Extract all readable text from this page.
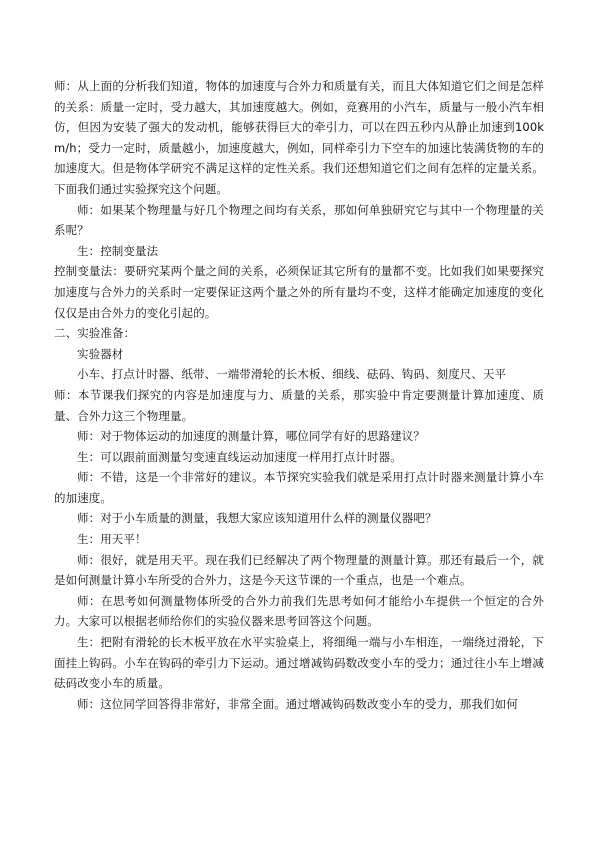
师：从上面的分析我们知道，物体的加速度与合外力和质量有关，而且大体知道它们之间是怎样的关系：质量一定时，受力越大，其加速度越大。例如，竞赛用的小汽车，质量与一般小汽车相仿，但因为安装了强大的发动机，能够获得巨大的牵引力，可以在四五秒内从静止加速到100km/h；受力一定时，质量越小，加速度越大，例如，同样牵引力下空车的加速比装满货物的车的加速度大。但是物体学研究不满足这样的定性关系。我们还想知道它们之间有怎样的定量关系。下面我们通过实验探究这个问题。

师：如果某个物理量与好几个物理之间均有关系，那如何单独研究它与其中一个物理量的关系呢？

生：控制变量法

控制变量法：要研究某两个量之间的关系，必须保证其它所有的量都不变。比如我们如果要探究加速度与合外力的关系时一定要保证这两个量之外的所有量均不变，这样才能确定加速度的变化仅仅是由合外力的变化引起的。

二、实验准备：

实验器材

小车、打点计时器、纸带、一端带滑轮的长木板、细线、砝码、钩码、刻度尺、天平

师：本节课我们探究的内容是加速度与力、质量的关系，那实验中肯定要测量计算加速度、质量、合外力这三个物理量。

师：对于物体运动的加速度的测量计算，哪位同学有好的思路建议？

生：可以跟前面测量匀变速直线运动加速度一样用打点计时器。

师：不错，这是一个非常好的建议。本节探究实验我们就是采用打点计时器来测量计算小车的加速度。

师：对于小车质量的测量，我想大家应该知道用什么样的测量仪器吧？

生：用天平！

师：很好，就是用天平。现在我们已经解决了两个物理量的测量计算。那还有最后一个，就是如何测量计算小车所受的合外力，这是今天这节课的一个重点，也是一个难点。

师：在思考如何测量物体所受的合外力前我们先思考如何才能给小车提供一个恒定的合外力。大家可以根据老师给你们的实验仪器来思考回答这个问题。

生：把附有滑轮的长木板平放在水平实验桌上，将细绳一端与小车相连，一端绕过滑轮，下面挂上钩码。小车在钩码的牵引力下运动。通过增减钩码数改变小车的受力；通过往小车上增减砝码改变小车的质量。

师：这位同学回答得非常好，非常全面。通过增减钩码数改变小车的受力，那我们如何
